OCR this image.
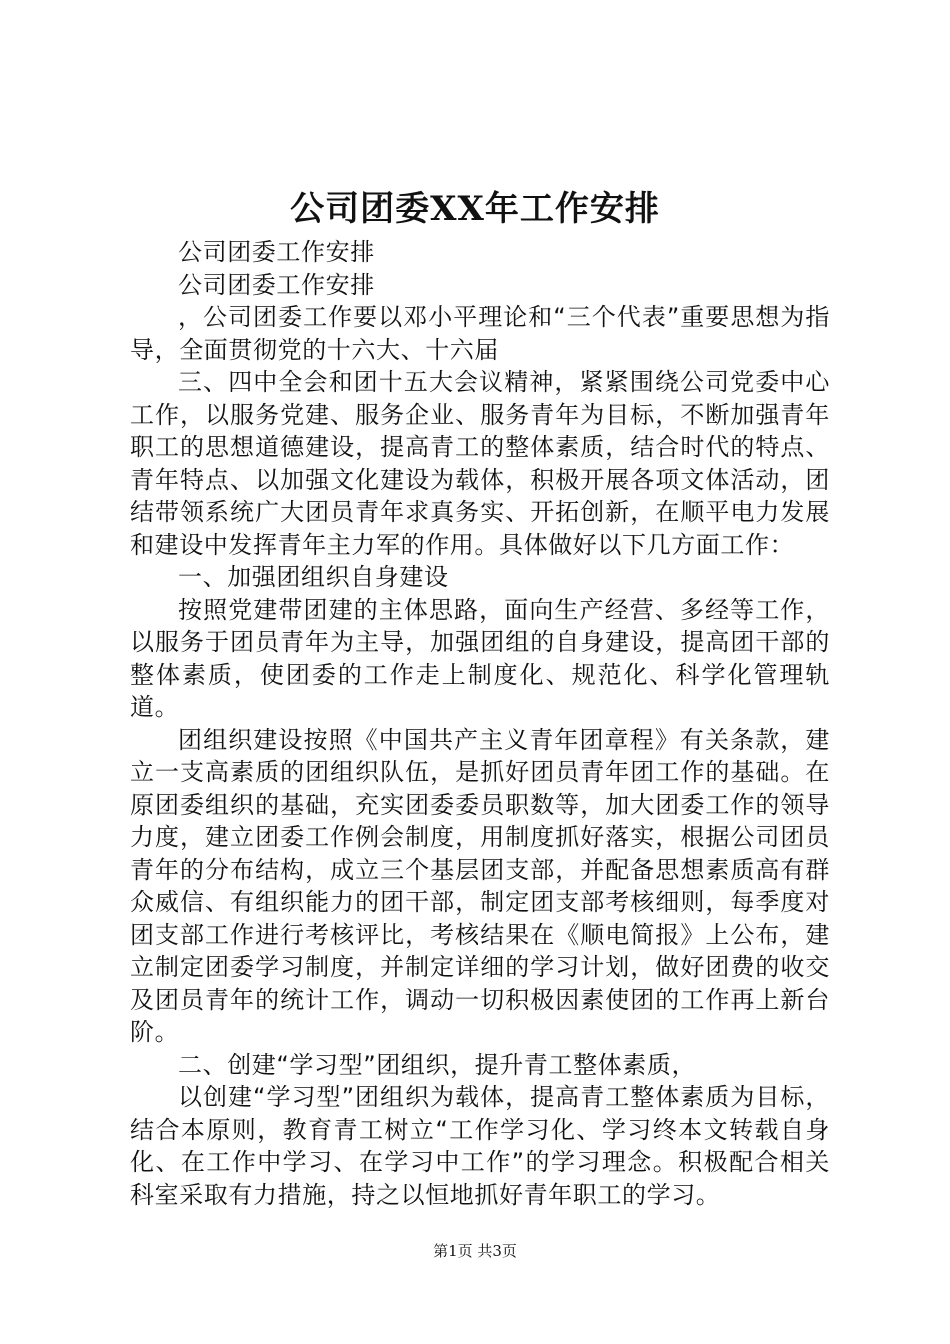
公司团委XX年工作安排

公司团委工作安排

公司团委工作安排

，公司团委工作要以邓小平理论和“三个代表”重要思想为指导，全面贯彻党的十六大、十六届

三、四中全会和团十五大会议精神，紧紧围绕公司党委中心工作，以服务党建、服务企业、服务青年为目标，不断加强青年职工的思想道德建设，提高青工的整体素质，结合时代的特点、青年特点、以加强文化建设为载体，积极开展各项文体活动，团结带领系统广大团员青年求真务实、开拓创新，在顺平电力发展和建设中发挥青年主力军的作用。具体做好以下几方面工作：

一、加强团组织自身建设

按照党建带团建的主体思路，面向生产经营、多经等工作，以服务于团员青年为主导，加强团组的自身建设，提高团干部的整体素质，使团委的工作走上制度化、规范化、科学化管理轨道。

团组织建设按照《中国共产主义青年团章程》有关条款，建立一支高素质的团组织队伍，是抓好团员青年团工作的基础。在原团委组织的基础，充实团委委员职数等，加大团委工作的领导力度，建立团委工作例会制度，用制度抓好落实，根据公司团员青年的分布结构，成立三个基层团支部，并配备思想素质高有群众威信、有组织能力的团干部，制定团支部考核细则，每季度对团支部工作进行考核评比，考核结果在《顺电简报》上公布，建立制定团委学习制度，并制定详细的学习计划，做好团费的收交及团员青年的统计工作，调动一切积极因素使团的工作再上新台阶。

二、创建“学习型”团组织，提升青工整体素质，

以创建“学习型”团组织为载体，提高青工整体素质为目标，结合本原则，教育青工树立“工作学习化、学习终本文转载自身化、在工作中学习、在学习中工作”的学习理念。积极配合相关科室采取有力措施，持之以恒地抓好青年职工的学习。

第1页 共3页
